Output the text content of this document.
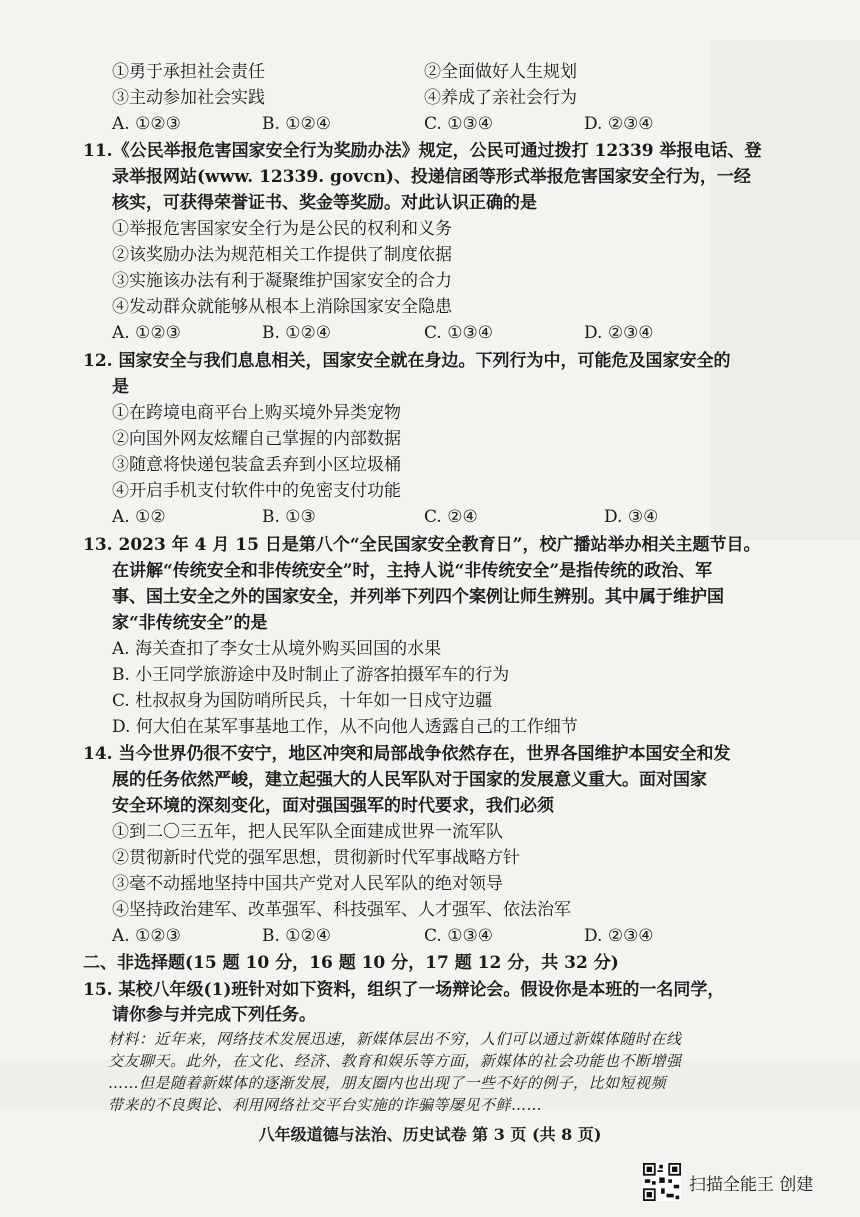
①勇于承担社会责任	②全面做好人生规划
③主动参加社会实践	④养成了亲社会行为
A. ①②③	B. ①②④	C. ①③④	D. ②③④
11.《公民举报危害国家安全行为奖励办法》规定，公民可通过拨打 12339 举报电话、登
录举报网站(www. 12339. govcn)、投递信函等形式举报危害国家安全行为，一经
核实，可获得荣誉证书、奖金等奖励。对此认识正确的是
①举报危害国家安全行为是公民的权利和义务
②该奖励办法为规范相关工作提供了制度依据
③实施该办法有利于凝聚维护国家安全的合力
④发动群众就能够从根本上消除国家安全隐患
A. ①②③	B. ①②④	C. ①③④	D. ②③④
12. 国家安全与我们息息相关，国家安全就在身边。下列行为中，可能危及国家安全的
是
①在跨境电商平台上购买境外异类宠物
②向国外网友炫耀自己掌握的内部数据
③随意将快递包装盒丢弃到小区垃圾桶
④开启手机支付软件中的免密支付功能
A. ①②	B. ①③	C. ②④	D. ③④
13. 2023 年 4 月 15 日是第八个“全民国家安全教育日”，校广播站举办相关主题节目。
在讲解“传统安全和非传统安全”时，主持人说“非传统安全”是指传统的政治、军
事、国土安全之外的国家安全，并列举下列四个案例让师生辨别。其中属于维护国
家“非传统安全”的是
A. 海关查扣了李女士从境外购买回国的水果
B. 小王同学旅游途中及时制止了游客拍摄军车的行为
C. 杜叔叔身为国防哨所民兵，十年如一日戍守边疆
D. 何大伯在某军事基地工作，从不向他人透露自己的工作细节
14. 当今世界仍很不安宁，地区冲突和局部战争依然存在，世界各国维护本国安全和发
展的任务依然严峻，建立起强大的人民军队对于国家的发展意义重大。面对国家
安全环境的深刻变化，面对强国强军的时代要求，我们必须
①到二〇三五年，把人民军队全面建成世界一流军队
②贯彻新时代党的强军思想，贯彻新时代军事战略方针
③毫不动摇地坚持中国共产党对人民军队的绝对领导
④坚持政治建军、改革强军、科技强军、人才强军、依法治军
A. ①②③	B. ①②④	C. ①③④	D. ②③④
二、非选择题(15 题 10 分，16 题 10 分，17 题 12 分，共 32 分)
15. 某校八年级(1)班针对如下资料，组织了一场辩论会。假设你是本班的一名同学，
请你参与并完成下列任务。
材料：近年来，网络技术发展迅速，新媒体层出不穷，人们可以通过新媒体随时在线
交友聊天。此外，在文化、经济、教育和娱乐等方面，新媒体的社会功能也不断增强
……但是随着新媒体的逐渐发展，朋友圈内也出现了一些不好的例子，比如短视频
带来的不良舆论、利用网络社交平台实施的诈骗等屡见不鲜……
八年级道德与法治、历史试卷 第 3 页 (共 8 页)
扫描全能王 创建
